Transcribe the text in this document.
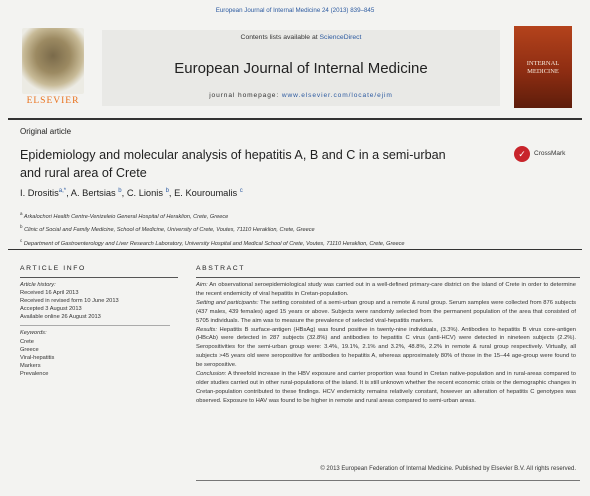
European Journal of Internal Medicine 24 (2013) 839–845
ELSEVIER
Contents lists available at ScienceDirect
European Journal of Internal Medicine
journal homepage: www.elsevier.com/locate/ejim
INTERNAL
MEDICINE
Original article
Epidemiology and molecular analysis of hepatitis A, B and C in a semi-urban
and rural area of Crete
✓	CrossMark
I. Drositis$^{a,*}$, A. Bertsias $^b$, C. Lionis $^b$, E. Kouroumalis $^c$
$^a$ Arkalochori Health Centre-Venizeleio General Hospital of Heraklion, Crete, Greece
$^b$ Clinic of Social and Family Medicine, School of Medicine, University of Crete, Voutes, 71110 Heraklion, Crete, Greece
$^c$ Department of Gastroenterology and Liver Research Laboratory, University Hospital and Medical School of Crete, Voutes, 71110 Heraklion, Crete, Greece
ARTICLE INFO	ABSTRACT
Article history:
Received 16 April 2013
Received in revised form 10 June 2013
Accepted 3 August 2013
Available online 26 August 2013
Keywords:
Crete
Greece
Viral-hepatitis
Markers
Prevalence

Aim: An observational seroepidemiological study was carried out in a well-defined primary-care district on the island of Crete in order to determine the recent endemicity of viral hepatitis in Cretan-population.

Setting and participants: The setting consisted of a semi-urban group and a remote & rural group. Serum samples were collected from 876 subjects (437 males, 439 females) aged 15 years or above. Subjects were randomly selected from the permanent population of the area that consisted of 5705 individuals. The aim was to measure the prevalence of selected viral-hepatitis markers.

Results: Hepatitis B surface-antigen (HBsAg) was found positive in twenty-nine individuals, (3.3%). Antibodies to hepatitis B virus core-antigen (HBcAb) were detected in 287 subjects (32.8%) and antibodies to hepatitis C virus (anti-HCV) were detected in nineteen subjects (2.2%). Seropositivities for the semi-urban group were: 3.4%, 19.1%, 2.1% and 3.2%, 48.8%, 2.2% in remote & rural group respectively. Virtually, all subjects >45 years old were seropositive for antibodies to hepatitis A, whereas approximately 80% of those in the 15–44 age-group were found to be seropositive.

Conclusion: A threefold increase in the HBV exposure and carrier proportion was found in Cretan native-population and in rural-areas compared to older studies carried out in other rural-populations of the island. It is still unknown whether the recent economic crisis or the demographic changes in Cretan-population contributed to these findings. HCV endemicity remains relatively constant, however an alteration of hepatitis C genotypes was observed. Exposure to HAV was found to be higher in remote and rural areas compared to semi-urban areas.

© 2013 European Federation of Internal Medicine. Published by Elsevier B.V. All rights reserved.
